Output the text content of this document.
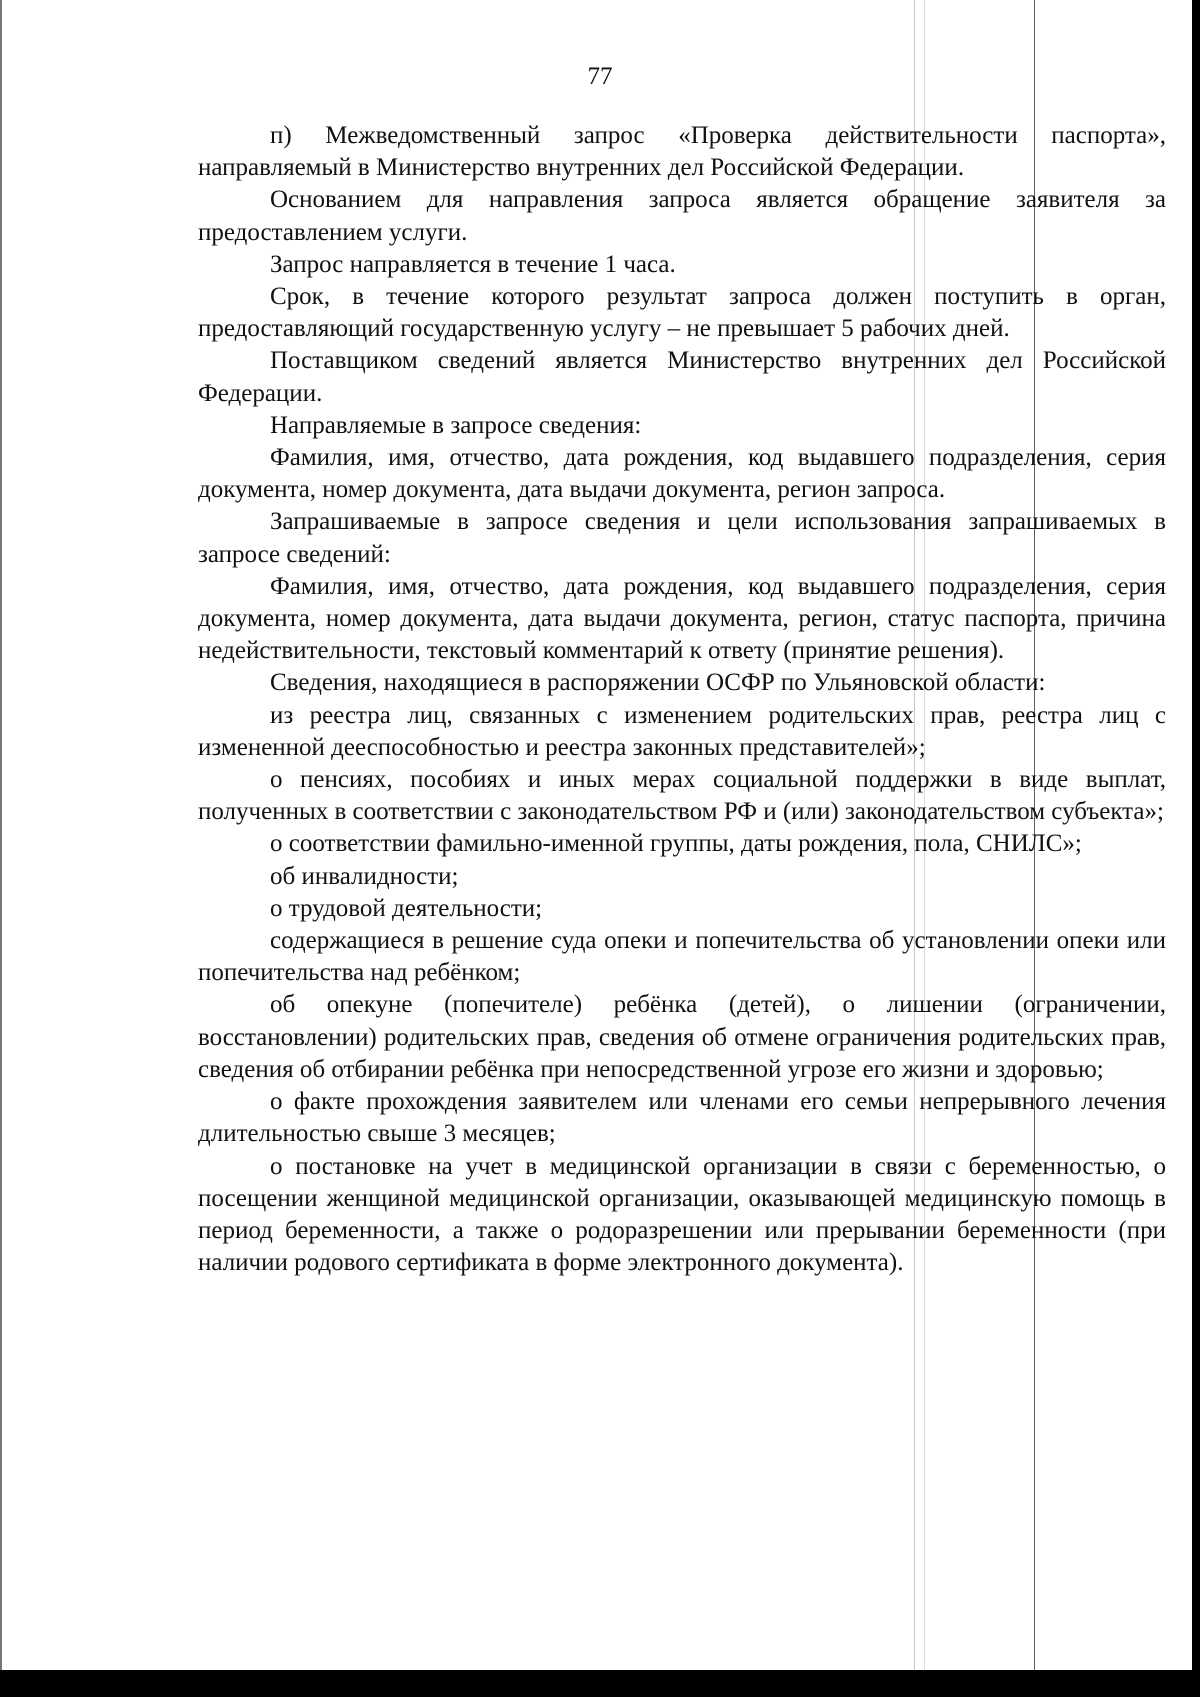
77

п) Межведомственный запрос «Проверка действительности паспорта», направляемый в Министерство внутренних дел Российской Федерации.

Основанием для направления запроса является обращение заявителя за предоставлением услуги.

Запрос направляется в течение 1 часа.

Срок, в течение которого результат запроса должен поступить в орган, предоставляющий государственную услугу – не превышает 5 рабочих дней.

Поставщиком сведений является Министерство внутренних дел Российской Федерации.

Направляемые в запросе сведения:

Фамилия, имя, отчество, дата рождения, код выдавшего подразделения, серия документа, номер документа, дата выдачи документа, регион запроса.

Запрашиваемые в запросе сведения и цели использования запрашиваемых в запросе сведений:

Фамилия, имя, отчество, дата рождения, код выдавшего подразделения, серия документа, номер документа, дата выдачи документа, регион, статус паспорта, причина недействительности, текстовый комментарий к ответу (принятие решения).

Сведения, находящиеся в распоряжении ОСФР по Ульяновской области:

из реестра лиц, связанных с изменением родительских прав, реестра лиц с измененной дееспособностью и реестра законных представителей»;

о пенсиях, пособиях и иных мерах социальной поддержки в виде выплат, полученных в соответствии с законодательством РФ и (или) законодательством субъекта»;

о соответствии фамильно-именной группы, даты рождения, пола, СНИЛС»;

об инвалидности;

о трудовой деятельности;

содержащиеся в решение суда опеки и попечительства об установлении опеки или попечительства над ребёнком;

об опекуне (попечителе) ребёнка (детей), о лишении (ограничении, восстановлении) родительских прав, сведения об отмене ограничения родительских прав, сведения об отбирании ребёнка при непосредственной угрозе его жизни и здоровью;

о факте прохождения заявителем или членами его семьи непрерывного лечения длительностью свыше 3 месяцев;

о постановке на учет в медицинской организации в связи с беременностью, о посещении женщиной медицинской организации, оказывающей медицинскую помощь в период беременности, а также о родоразрешении или прерывании беременности (при наличии родового сертификата в форме электронного документа).
